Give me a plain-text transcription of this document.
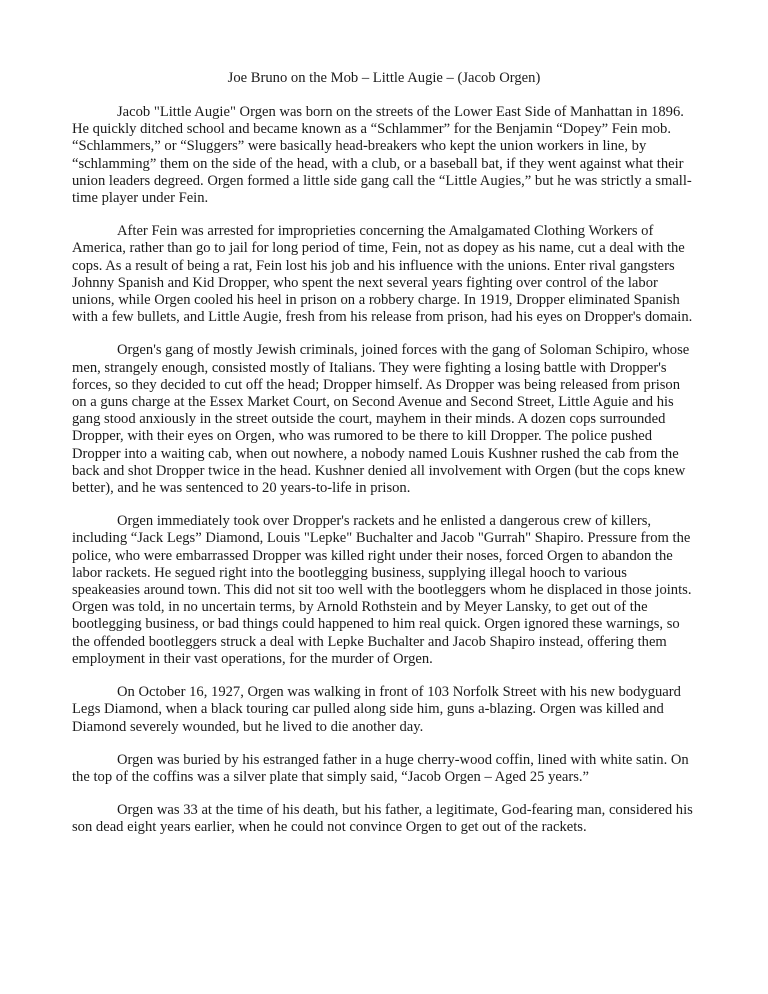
Joe Bruno on the Mob – Little Augie – (Jacob Orgen)

Jacob "Little Augie" Orgen was born on the streets of the Lower East Side of Manhattan in 1896. He quickly ditched school and became known as a “Schlammer” for the Benjamin “Dopey” Fein mob. “Schlammers,” or “Sluggers” were basically head-breakers who kept the union workers in line, by “schlamming” them on the side of the head, with a club, or a baseball bat, if they went against what their union leaders degreed. Orgen formed a little side gang call the “Little Augies,” but he was strictly a small-time player under Fein.

After Fein was arrested for improprieties concerning the Amalgamated Clothing Workers of America, rather than go to jail for long period of time, Fein, not as dopey as his name, cut a deal with the cops. As a result of being a rat, Fein lost his job and his influence with the unions. Enter rival gangsters Johnny Spanish and Kid Dropper, who spent the next several years fighting over control of the labor unions, while Orgen cooled his heel in prison on a robbery charge. In 1919, Dropper eliminated Spanish with a few bullets, and Little Augie, fresh from his release from prison, had his eyes on Dropper's domain.

Orgen's gang of mostly Jewish criminals, joined forces with the gang of Soloman Schipiro, whose men, strangely enough, consisted mostly of Italians. They were fighting a losing battle with Dropper's forces, so they decided to cut off the head; Dropper himself. As Dropper was being released from prison on a guns charge at the Essex Market Court, on Second Avenue and Second Street, Little Aguie and his gang stood anxiously in the street outside the court, mayhem in their minds. A dozen cops surrounded Dropper, with their eyes on Orgen, who was rumored to be there to kill Dropper. The police pushed Dropper into a waiting cab, when out nowhere, a nobody named Louis Kushner rushed the cab from the back and shot Dropper twice in the head. Kushner denied all involvement with Orgen (but the cops knew better), and he was sentenced to 20 years-to-life in prison.

Orgen immediately took over Dropper's rackets and he enlisted a dangerous crew of killers, including “Jack Legs” Diamond, Louis "Lepke" Buchalter and Jacob "Gurrah" Shapiro. Pressure from the police, who were embarrassed Dropper was killed right under their noses, forced Orgen to abandon the labor rackets. He segued right into the bootlegging business, supplying illegal hooch to various speakeasies around town. This did not sit too well with the bootleggers whom he displaced in those joints. Orgen was told, in no uncertain terms, by Arnold Rothstein and by Meyer Lansky, to get out of the bootlegging business, or bad things could happened to him real quick. Orgen ignored these warnings, so the offended bootleggers struck a deal with Lepke Buchalter and Jacob Shapiro instead, offering them employment in their vast operations, for the murder of Orgen.

On October 16, 1927, Orgen was walking in front of 103 Norfolk Street with his new bodyguard Legs Diamond, when a black touring car pulled along side him, guns a-blazing. Orgen was killed and Diamond severely wounded, but he lived to die another day.

Orgen was buried by his estranged father in a huge cherry-wood coffin, lined with white satin. On the top of the coffins was a silver plate that simply said, “Jacob Orgen – Aged 25 years.”

Orgen was 33 at the time of his death, but his father, a legitimate, God-fearing man, considered his son dead eight years earlier, when he could not convince Orgen to get out of the rackets.
